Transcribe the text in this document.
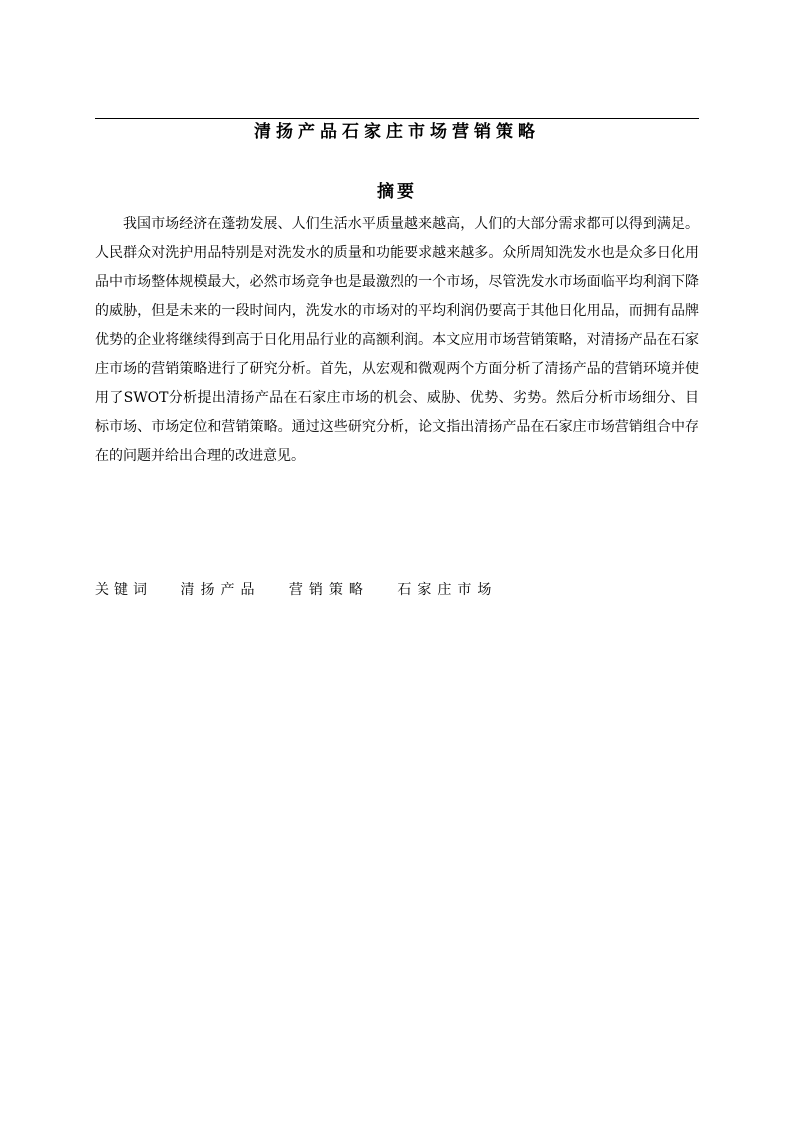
清扬产品石家庄市场营销策略
摘要

我国市场经济在蓬勃发展、人们生活水平质量越来越高，人们的大部分需求都可以得到满足。人民群众对洗护用品特别是对洗发水的质量和功能要求越来越多。众所周知洗发水也是众多日化用品中市场整体规模最大，必然市场竞争也是最激烈的一个市场，尽管洗发水市场面临平均利润下降的威胁，但是未来的一段时间内，洗发水的市场对的平均利润仍要高于其他日化用品，而拥有品牌优势的企业将继续得到高于日化用品行业的高额利润。本文应用市场营销策略，对清扬产品在石家庄市场的营销策略进行了研究分析。首先，从宏观和微观两个方面分析了清扬产品的营销环境并使用了SWOT分析提出清扬产品在石家庄市场的机会、威胁、优势、劣势。然后分析市场细分、目标市场、市场定位和营销策略。通过这些研究分析，论文指出清扬产品在石家庄市场营销组合中存在的问题并给出合理的改进意见。

关键词 清扬产品 营销策略 石家庄市场
